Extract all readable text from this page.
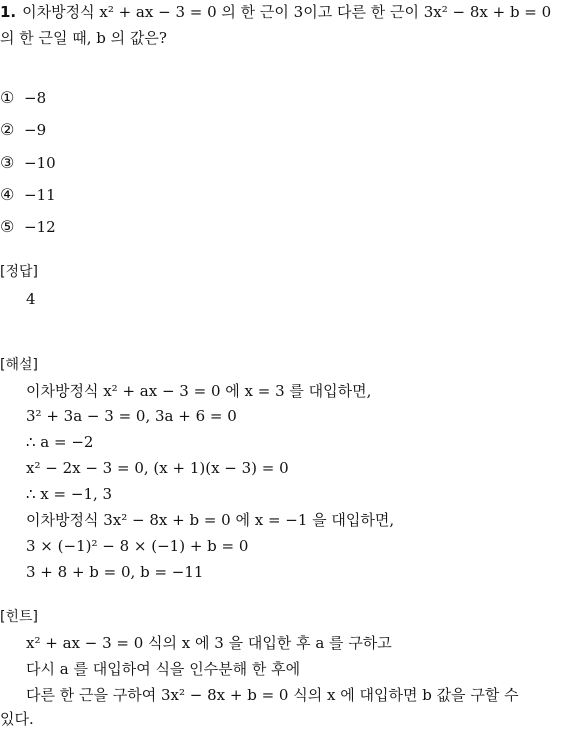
1. 이차방정식 x² + ax − 3 = 0 의 한 근이 3이고 다른 한 근이 3x² − 8x + b = 0
의 한 근일 때, b 의 값은?
① −8
② −9
③ −10
④ −11
⑤ −12
[정답]
4
[해설]
이차방정식 x² + ax − 3 = 0 에 x = 3 를 대입하면,
3² + 3a − 3 = 0, 3a + 6 = 0
∴ a = −2
x² − 2x − 3 = 0, (x + 1)(x − 3) = 0
∴ x = −1, 3
이차방정식 3x² − 8x + b = 0 에 x = −1 을 대입하면,
3 × (−1)² − 8 × (−1) + b = 0
3 + 8 + b = 0, b = −11
[힌트]
x² + ax − 3 = 0 식의 x 에 3 을 대입한 후 a 를 구하고
다시 a 를 대입하여 식을 인수분해 한 후에
다른 한 근을 구하여 3x² − 8x + b = 0 식의 x 에 대입하면 b 값을 구할 수
있다.
